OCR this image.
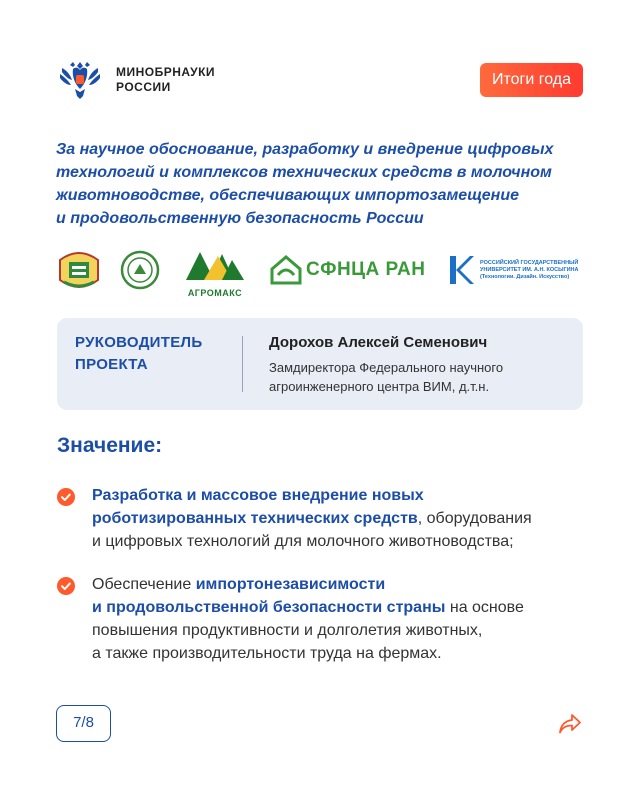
МИНОБРНАУКИ
РОССИИ	Итоги года
За научное обоснование, разработку и внедрение цифровых
технологий и комплексов технических средств в молочном
животноводстве, обеспечивающих импортозамещение
и продовольственную безопасность России
АГРОМАКС
СФНЦА РАН	РОССИЙСКИЙ ГОСУДАРСТВЕННЫЙ
УНИВЕРСИТЕТ ИМ. А.Н. КОСЫГИНА
(Технологии. Дизайн. Искусство)
РУКОВОДИТЕЛЬ
ПРОЕКТА
Дорохов Алексей Семенович
Замдиректора Федерального научного
агроинженерного центра ВИМ, д.т.н.
Значение:
Разработка и массовое внедрение новых
роботизированных технических средств, оборудования
и цифровых технологий для молочного животноводства;
Обеспечение импортонезависимости
и продовольственной безопасности страны на основе
повышения продуктивности и долголетия животных,
а также производительности труда на фермах.
7/8
